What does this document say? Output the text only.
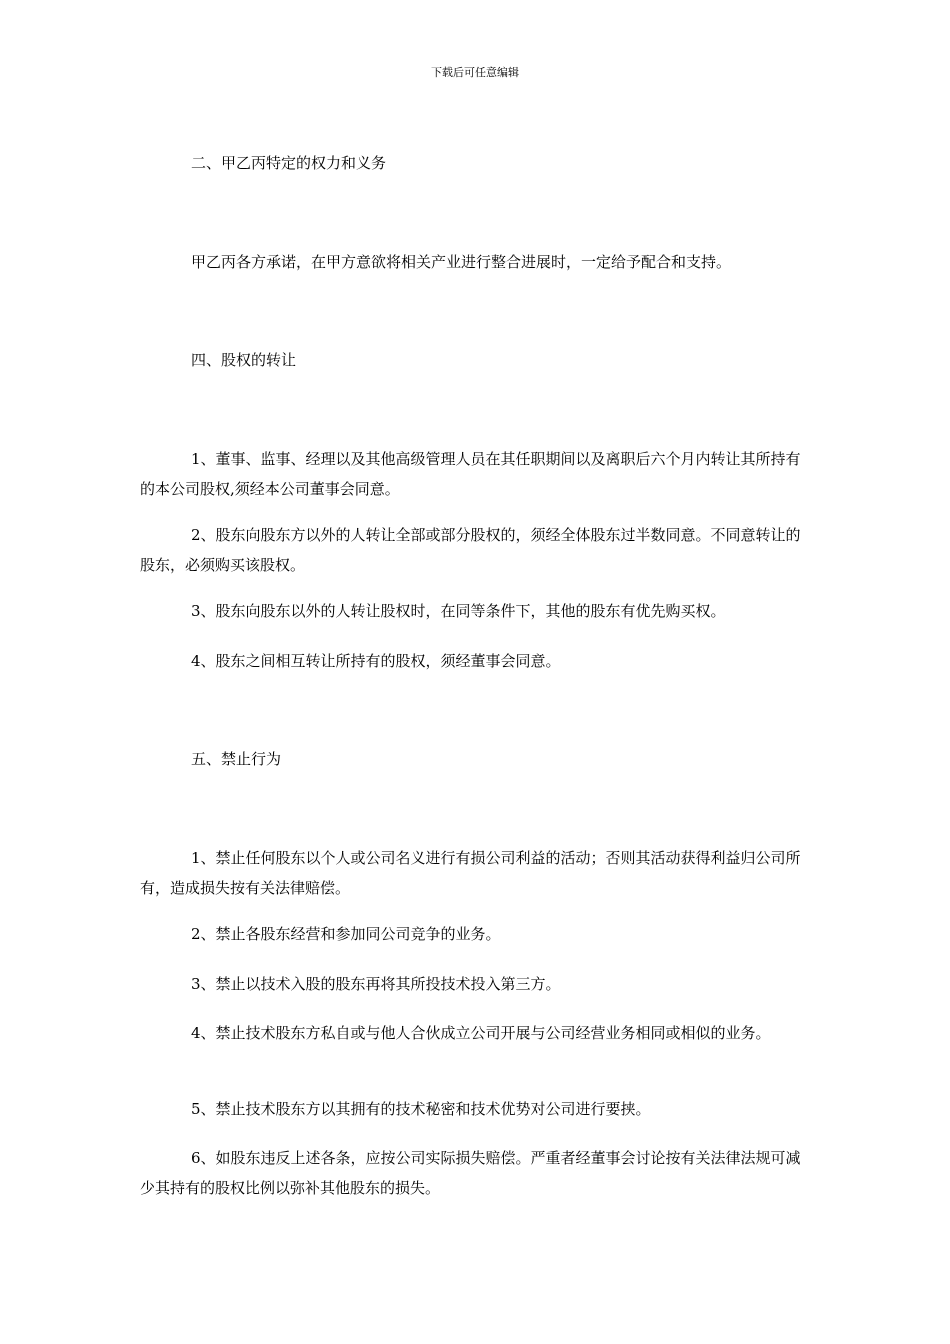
下载后可任意编辑

二、甲乙丙特定的权力和义务

甲乙丙各方承诺，在甲方意欲将相关产业进行整合进展时，一定给予配合和支持。

四、股权的转让

1、董事、监事、经理以及其他高级管理人员在其任职期间以及离职后六个月内转让其所持有的本公司股权,须经本公司董事会同意。

2、股东向股东方以外的人转让全部或部分股权的，须经全体股东过半数同意。不同意转让的股东，必须购买该股权。

3、股东向股东以外的人转让股权时，在同等条件下，其他的股东有优先购买权。

4、股东之间相互转让所持有的股权，须经董事会同意。

五、禁止行为

1、禁止任何股东以个人或公司名义进行有损公司利益的活动；否则其活动获得利益归公司所有，造成损失按有关法律赔偿。

2、禁止各股东经营和参加同公司竞争的业务。

3、禁止以技术入股的股东再将其所投技术投入第三方。

4、禁止技术股东方私自或与他人合伙成立公司开展与公司经营业务相同或相似的业务。

5、禁止技术股东方以其拥有的技术秘密和技术优势对公司进行要挟。

6、如股东违反上述各条，应按公司实际损失赔偿。严重者经董事会讨论按有关法律法规可减少其持有的股权比例以弥补其他股东的损失。
